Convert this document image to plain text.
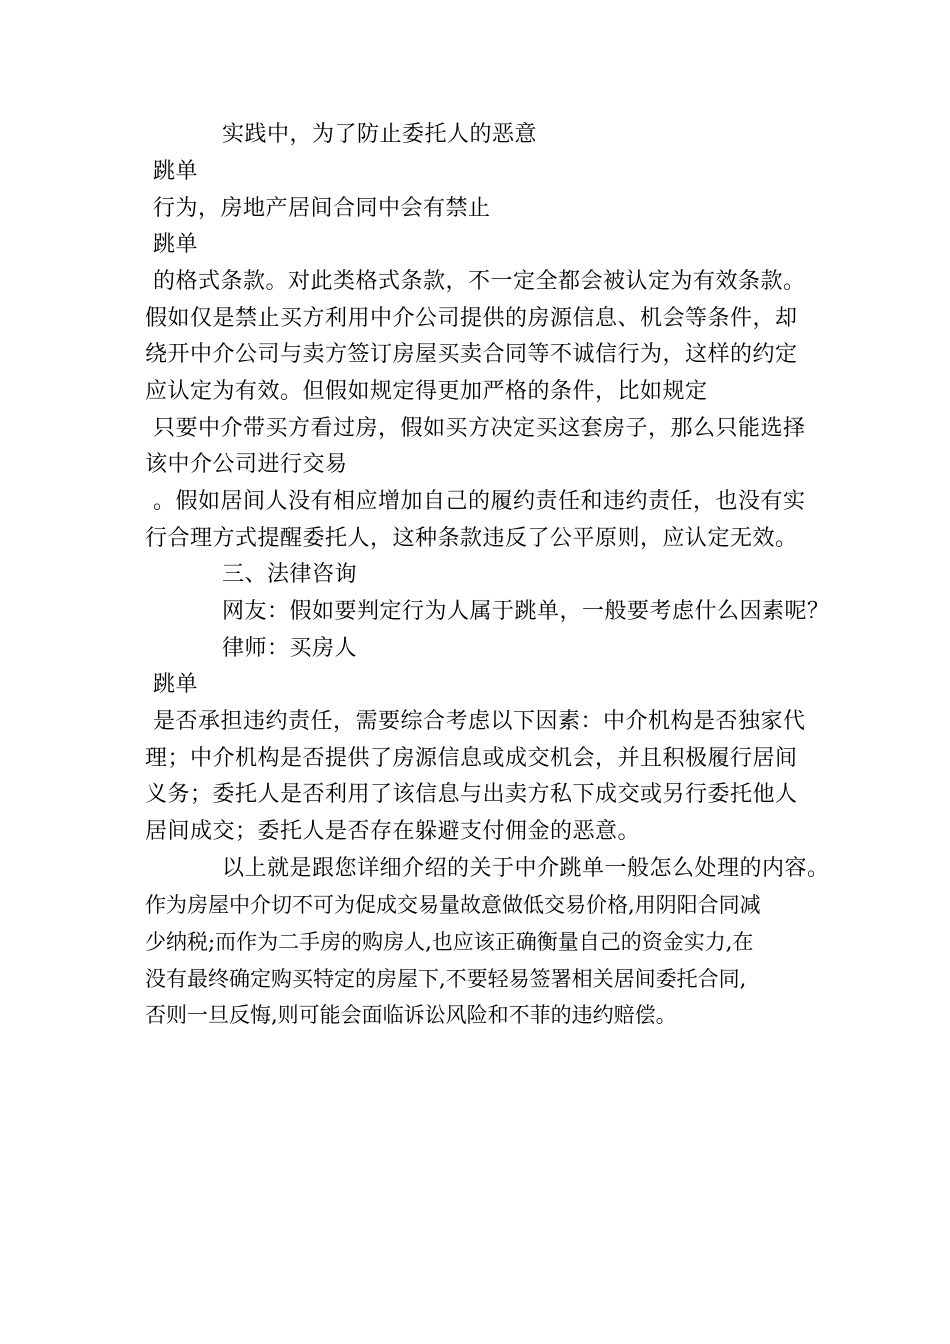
实践中，为了防止委托人的恶意
跳单
行为，房地产居间合同中会有禁止
跳单
的格式条款。对此类格式条款，不一定全都会被认定为有效条款。
假如仅是禁止买方利用中介公司提供的房源信息、机会等条件，却
绕开中介公司与卖方签订房屋买卖合同等不诚信行为，这样的约定
应认定为有效。但假如规定得更加严格的条件，比如规定
只要中介带买方看过房，假如买方决定买这套房子，那么只能选择
该中介公司进行交易
。假如居间人没有相应增加自己的履约责任和违约责任，也没有实
行合理方式提醒委托人，这种条款违反了公平原则，应认定无效。
三、法律咨询
网友：假如要判定行为人属于跳单，一般要考虑什么因素呢？
律师：买房人
跳单
是否承担违约责任，需要综合考虑以下因素：中介机构是否独家代
理；中介机构是否提供了房源信息或成交机会，并且积极履行居间
义务；委托人是否利用了该信息与出卖方私下成交或另行委托他人
居间成交；委托人是否存在躲避支付佣金的恶意。
以上就是跟您详细介绍的关于中介跳单一般怎么处理的内容。
作为房屋中介切不可为促成交易量故意做低交易价格,用阴阳合同减
少纳税;而作为二手房的购房人,也应该正确衡量自己的资金实力,在
没有最终确定购买特定的房屋下,不要轻易签署相关居间委托合同,
否则一旦反悔,则可能会面临诉讼风险和不菲的违约赔偿。
